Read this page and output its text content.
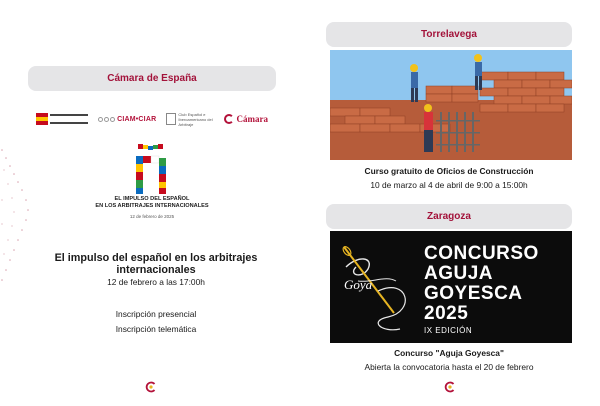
Cámara de España
CIAM•CIAR
Club Español e Iberoamericano del Arbitraje	Cámara
EL IMPULSO DEL ESPAÑOL
EN LOS ARBITRAJES INTERNACIONALES
12 de febrero de 2025
El impulso del español en los arbitrajes internacionales
12 de febrero a las 17:00h
Inscripción presencial
Inscripción telemática
Torrelavega
Curso gratuito de Oficios de Construcción
10 de marzo al 4 de abril de 9:00 a 15:00h
Zaragoza
Goya
CONCURSO
AGUJA
GOYESCA
2025
IX EDICIÓN
Concurso "Aguja Goyesca"
Abierta la convocatoria hasta el 20 de febrero
